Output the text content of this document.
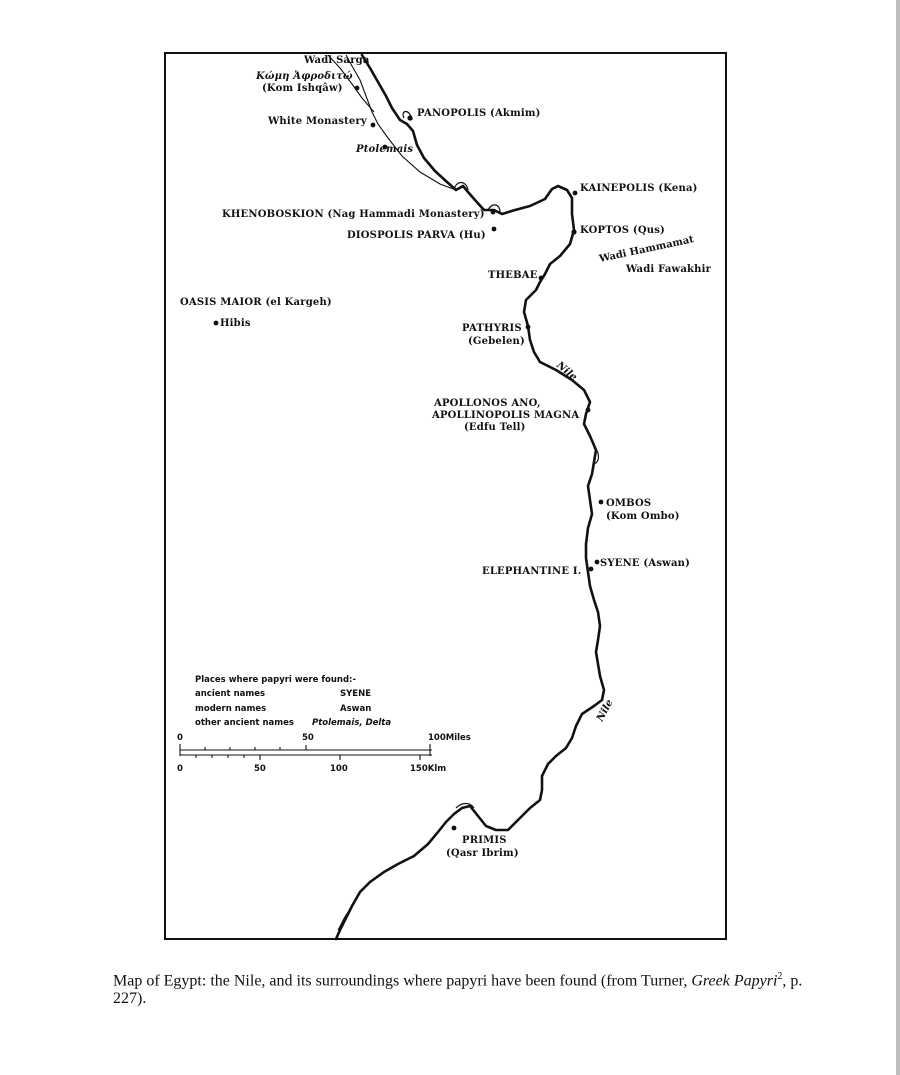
Wadi Hammamat
Nile
Nile
Wadi Sarga
Κώμη Ἀφροδιτώ
(Kom Ishqâw)
PANOPOLIS (Akmim)
White Monastery
Ptolemais
KAINEPOLIS (Kena)
KHENOBOSKION (Nag Hammadi Monastery)
DIOSPOLIS PARVA (Hu)	KOPTOS (Qus)
Wadi Fawakhir
THEBAE
OASIS MAIOR (el Kargeh)
Hibis	PATHYRIS
(Gebelen)
APOLLONOS ANO,
APOLLINOPOLIS MAGNA
(Edfu Tell)
OMBOS
(Kom Ombo)
ELEPHANTINE I.
SYENE (Aswan)
PRIMIS
(Qasr Ibrim)
Places where papyri were found:-
ancient names	SYENE
modern names	Aswan
other ancient names Ptolemais, Delta
0	50	100Miles
0	50	100	150Klm
Map of Egypt: the Nile, and its surroundings where papyri have been found (from Turner, Greek Papyri$^2$, p. 227).
